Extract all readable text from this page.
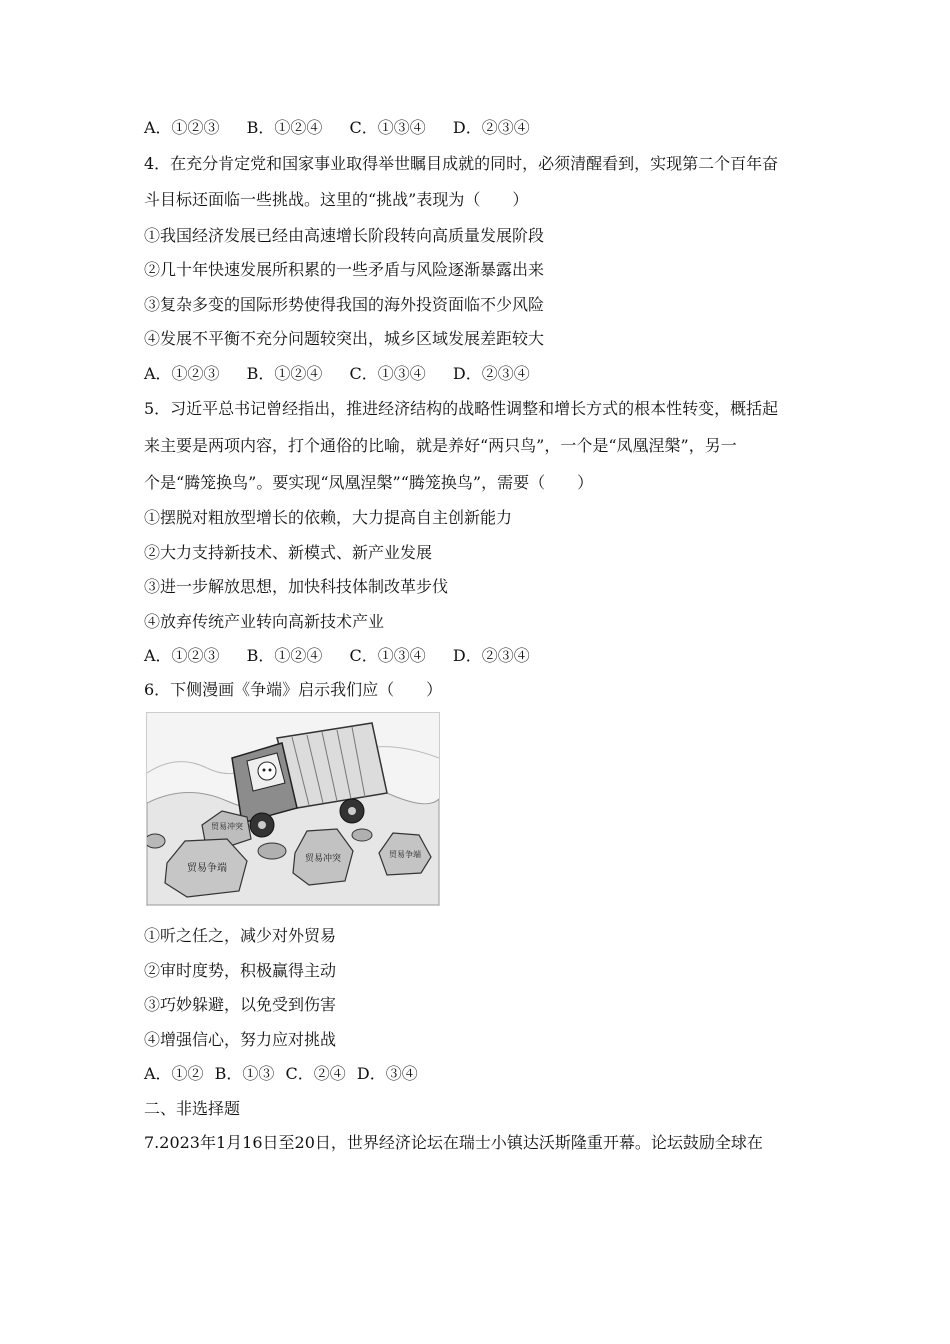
A．①②③ B．①②④ C．①③④ D．②③④
4．在充分肯定党和国家事业取得举世瞩目成就的同时，必须清醒看到，实现第二个百年奋
斗目标还面临一些挑战。这里的“挑战”表现为（　　）
①我国经济发展已经由高速增长阶段转向高质量发展阶段
②几十年快速发展所积累的一些矛盾与风险逐渐暴露出来
③复杂多变的国际形势使得我国的海外投资面临不少风险
④发展不平衡不充分问题较突出，城乡区域发展差距较大
A．①②③ B．①②④ C．①③④ D．②③④
5．习近平总书记曾经指出，推进经济结构的战略性调整和增长方式的根本性转变，概括起
来主要是两项内容，打个通俗的比喻，就是养好“两只鸟”，一个是“凤凰涅槃”，另一
个是“腾笼换鸟”。要实现“凤凰涅槃”“腾笼换鸟”，需要（　　）
①摆脱对粗放型增长的依赖，大力提高自主创新能力
②大力支持新技术、新模式、新产业发展
③进一步解放思想，加快科技体制改革步伐
④放弃传统产业转向高新技术产业
A．①②③ B．①②④ C．①③④ D．②③④
6．下侧漫画《争端》启示我们应（　　）
贸易冲突
贸易争端
贸易冲突	贸易争端
①听之任之，减少对外贸易
②审时度势，积极赢得主动
③巧妙躲避，以免受到伤害
④增强信心，努力应对挑战
A．①② B．①③ C．②④ D．③④
二、非选择题
7.2023年1月16日至20日，世界经济论坛在瑞士小镇达沃斯隆重开幕。论坛鼓励全球在
